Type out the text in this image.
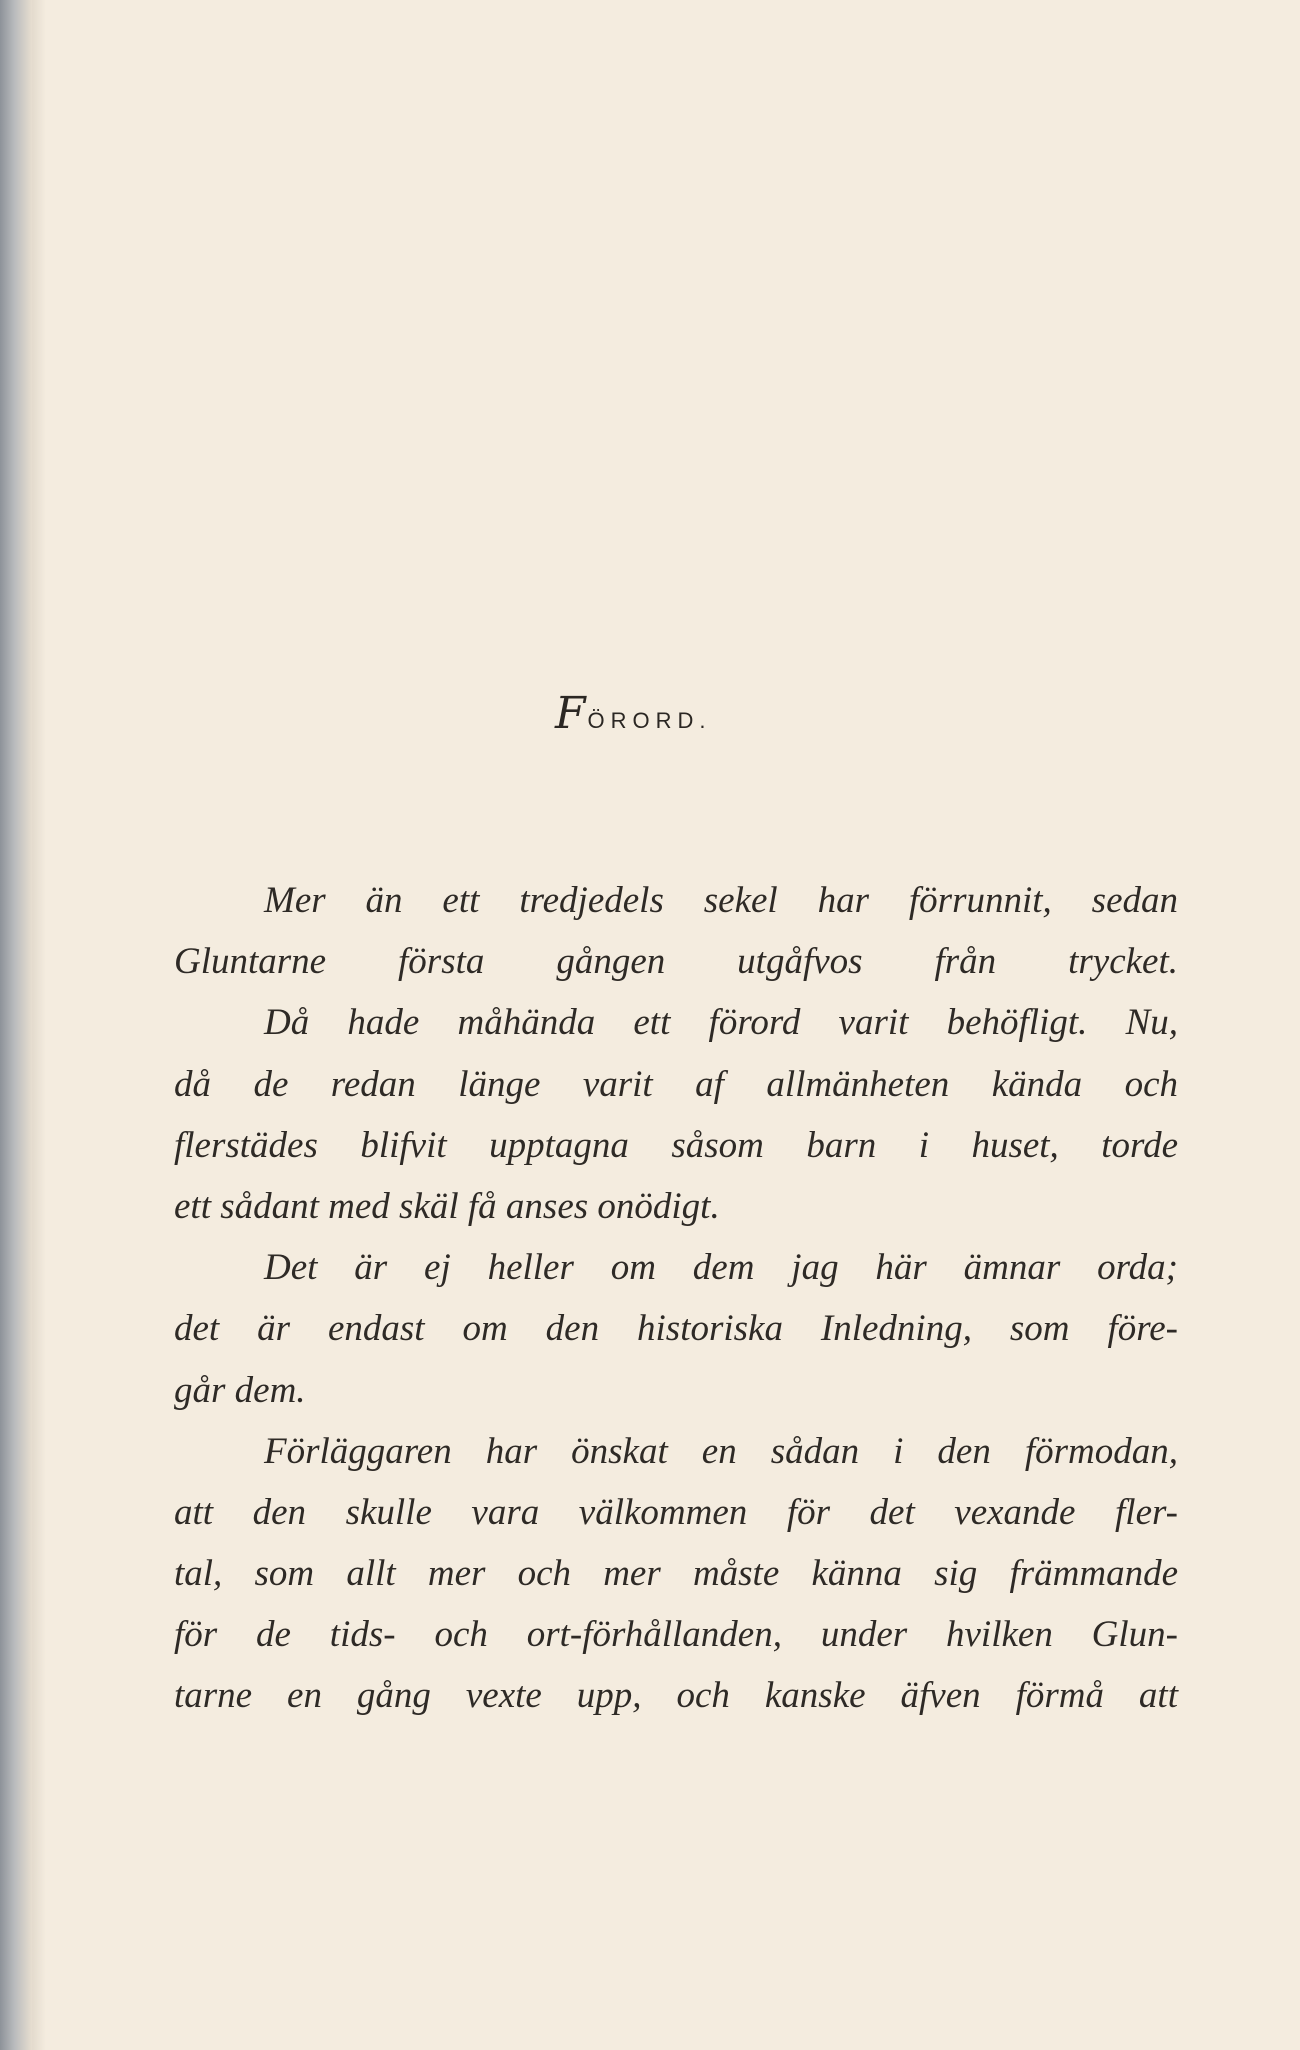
FÖRORD.
Mer än ett tredjedels sekel har förrunnit, sedan
Gluntarne första gången utgåfvos från trycket.
Då hade måhända ett förord varit behöfligt. Nu,
då de redan länge varit af allmänheten kända och
flerstädes blifvit upptagna såsom barn i huset, torde
ett sådant med skäl få anses onödigt.
Det är ej heller om dem jag här ämnar orda;
det är endast om den historiska Inledning, som före-
går dem.
Förläggaren har önskat en sådan i den förmodan,
att den skulle vara välkommen för det vexande fler-
tal, som allt mer och mer måste känna sig främmande
för de tids- och ort-förhållanden, under hvilken Glun-
tarne en gång vexte upp, och kanske äfven förmå att
